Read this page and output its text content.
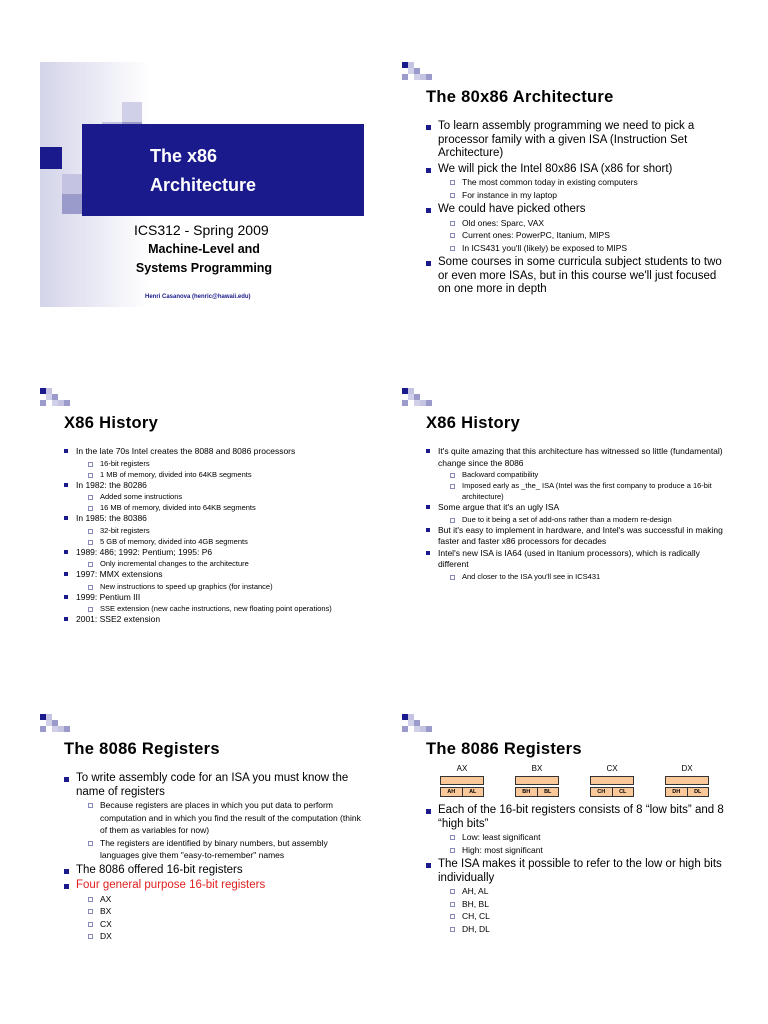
The x86
Architecture
ICS312 - Spring 2009
Machine-Level and
Systems Programming
Henri Casanova (henric@hawaii.edu)
The 80x86 Architecture
To learn assembly programming we need to pick a processor family with a given ISA (Instruction Set Architecture)
We will pick the Intel 80x86 ISA (x86 for short)
The most common today in existing computers
For instance in my laptop
We could have picked others
Old ones: Sparc, VAX
Current ones: PowerPC, Itanium, MIPS
In ICS431 you'll (likely) be exposed to MIPS
Some courses in some curricula subject students to two or even more ISAs, but in this course we'll just focused on one more in depth
X86 History
In the late 70s Intel creates the 8088 and 8086 processors
16-bit registers
1 MB of memory, divided into 64KB segments
In 1982: the 80286
Added some instructions
16 MB of memory, divided into 64KB segments
In 1985: the 80386
32-bit registers
5 GB of memory, divided into 4GB segments
1989: 486; 1992: Pentium; 1995: P6
Only incremental changes to the architecture
1997: MMX extensions
New instructions to speed up graphics (for instance)
1999: Pentium III
SSE extension (new cache instructions, new floating point operations)
2001: SSE2 extension
X86 History
It's quite amazing that this architecture has witnessed so little (fundamental) change since the 8086
Backward compatibility
Imposed early as _the_ ISA (Intel was the first company to produce a 16-bit architecture)
Some argue that it's an ugly ISA
Due to it being a set of add-ons rather than a modern re-design
But it's easy to implement in hardware, and Intel's was successful in making faster and faster x86 processors for decades
Intel's new ISA is IA64 (used in Itanium processors), which is radically different
And closer to the ISA you'll see in ICS431
The 8086 Registers
To write assembly code for an ISA you must know the name of registers
Because registers are places in which you put data to perform computation and in which you find the result of the computation (think of them as variables for now)
The registers are identified by binary numbers, but assembly languages give them "easy-to-remember" names
The 8086 offered 16-bit registers
Four general purpose 16-bit registers
AX
BX
CX
DX
The 8086 Registers
AX
AH	AL
BX
BH	BL
CX
CH	CL
DX
DH	DL
Each of the 16-bit registers consists of 8 “low bits” and 8 “high bits”
Low: least significant
High: most significant
The ISA makes it possible to refer to the low or high bits individually
AH, AL
BH, BL
CH, CL
DH, DL
